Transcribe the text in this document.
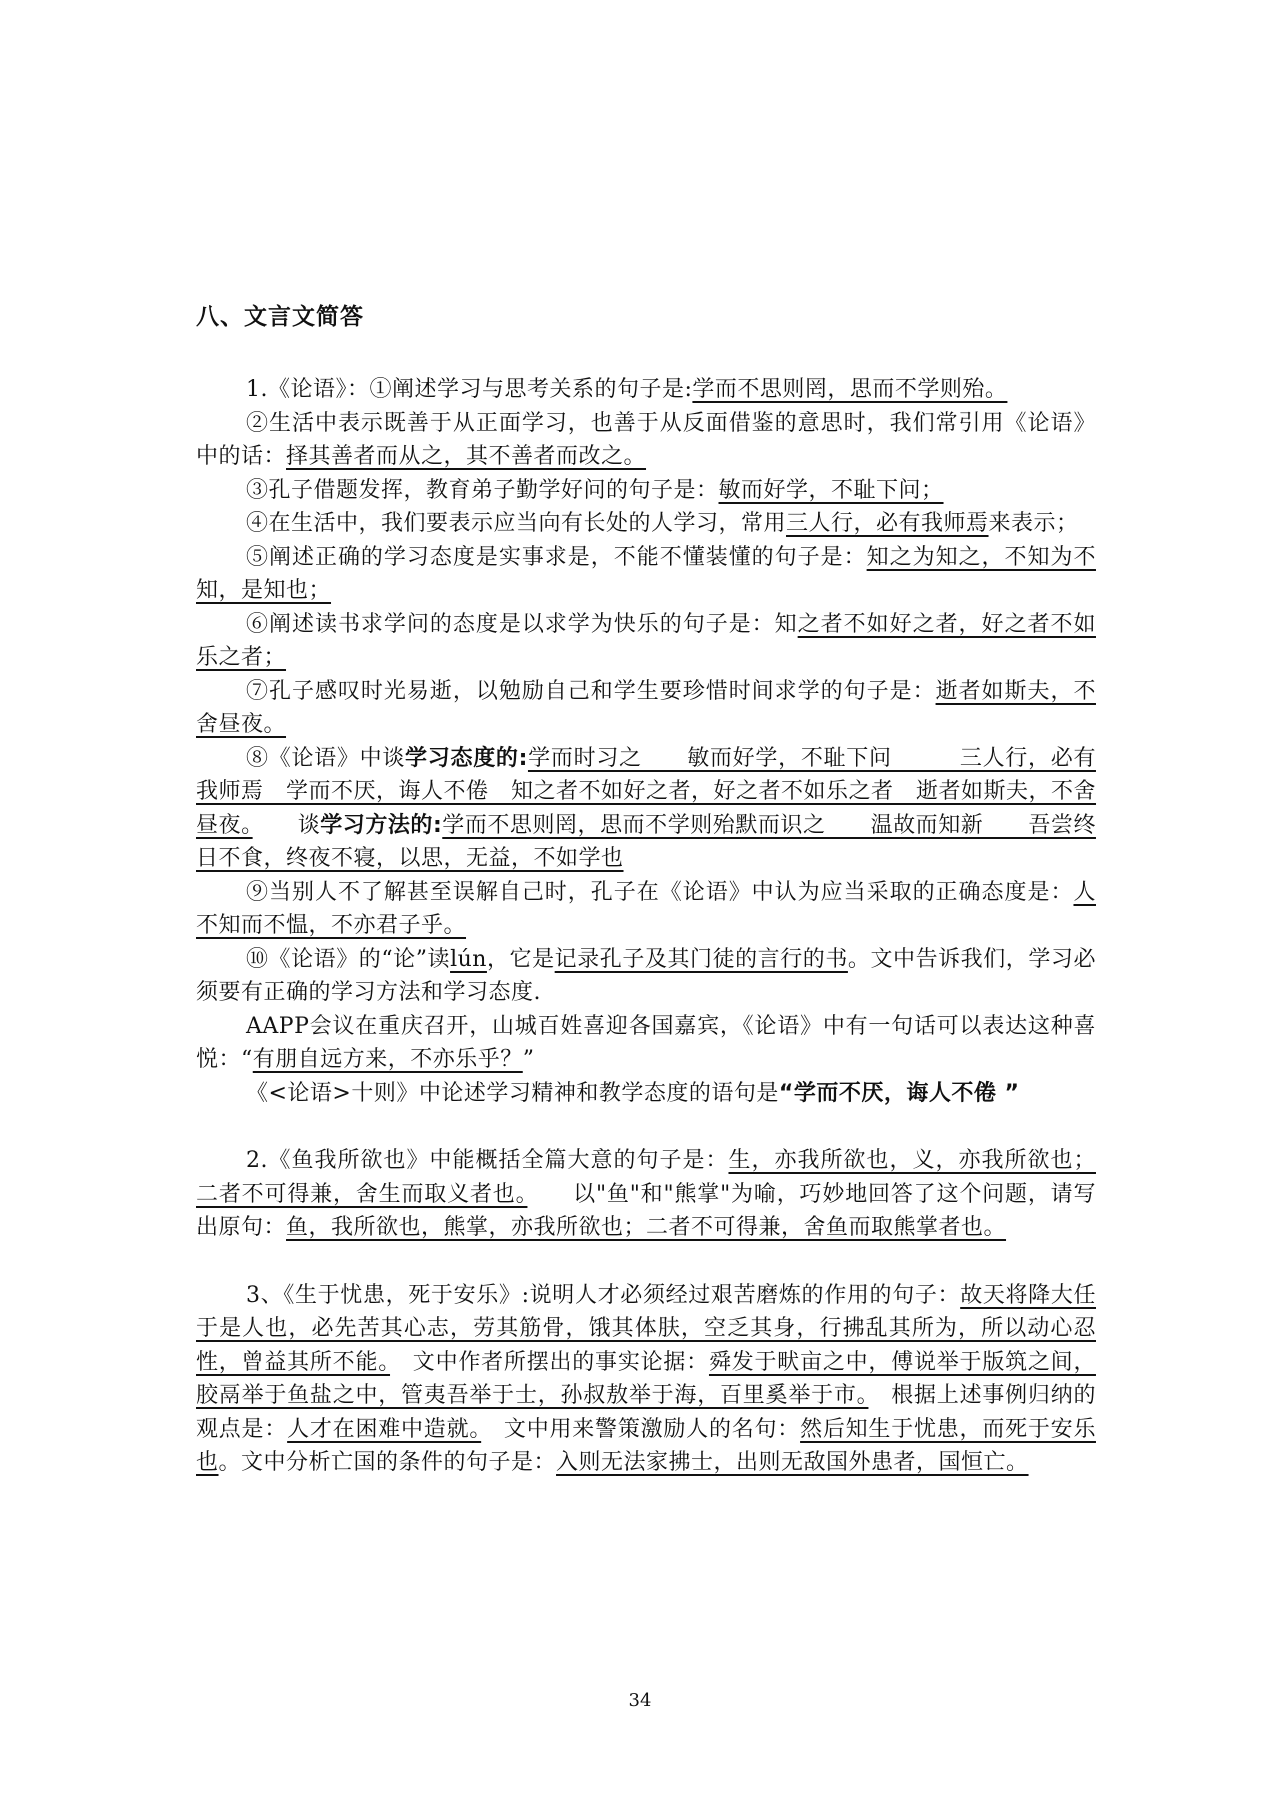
八、文言文简答

1.《论语》：①阐述学习与思考关系的句子是:学而不思则罔，思而不学则殆。

②生活中表示既善于从正面学习，也善于从反面借鉴的意思时，我们常引用《论语》中的话：择其善者而从之，其不善者而改之。

③孔子借题发挥，教育弟子勤学好问的句子是：敏而好学，不耻下问；

④在生活中，我们要表示应当向有长处的人学习，常用三人行，必有我师焉来表示；

⑤阐述正确的学习态度是实事求是，不能不懂装懂的句子是：知之为知之，不知为不知，是知也；

⑥阐述读书求学问的态度是以求学为快乐的句子是：知之者不如好之者，好之者不如乐之者；

⑦孔子感叹时光易逝，以勉励自己和学生要珍惜时间求学的句子是：逝者如斯夫，不舍昼夜。

⑧《论语》中谈学习态度的:学而时习之　　敏而好学，不耻下问　　　三人行，必有我师焉　学而不厌，诲人不倦　知之者不如好之者，好之者不如乐之者　逝者如斯夫，不舍昼夜。　　谈学习方法的:学而不思则罔，思而不学则殆默而识之　　温故而知新　　吾尝终日不食，终夜不寝，以思，无益，不如学也

⑨当别人不了解甚至误解自己时，孔子在《论语》中认为应当采取的正确态度是：人不知而不愠，不亦君子乎。

⑩《论语》的“论”读lún，它是记录孔子及其门徒的言行的书。文中告诉我们，学习必须要有正确的学习方法和学习态度.

AAPP会议在重庆召开，山城百姓喜迎各国嘉宾，《论语》中有一句话可以表达这种喜悦：“有朋自远方来，不亦乐乎？”

《<论语>十则》中论述学习精神和教学态度的语句是“学而不厌，诲人不倦 ”

2.《鱼我所欲也》中能概括全篇大意的句子是：生，亦我所欲也，义，亦我所欲也；二者不可得兼，舍生而取义者也。　　以"鱼"和"熊掌"为喻，巧妙地回答了这个问题，请写出原句：鱼，我所欲也，熊掌，亦我所欲也；二者不可得兼，舍鱼而取熊掌者也。

3、《生于忧患，死于安乐》:说明人才必须经过艰苦磨炼的作用的句子：故天将降大任于是人也，必先苦其心志，劳其筋骨，饿其体肤，空乏其身，行拂乱其所为，所以动心忍性，曾益其所不能。　文中作者所摆出的事实论据：舜发于畎亩之中，傅说举于版筑之间，胶鬲举于鱼盐之中，管夷吾举于士，孙叔敖举于海，百里奚举于市。　根据上述事例归纳的观点是：人才在困难中造就。　文中用来警策激励人的名句：然后知生于忧患，而死于安乐也。文中分析亡国的条件的句子是：入则无法家拂士，出则无敌国外患者，国恒亡。

34
